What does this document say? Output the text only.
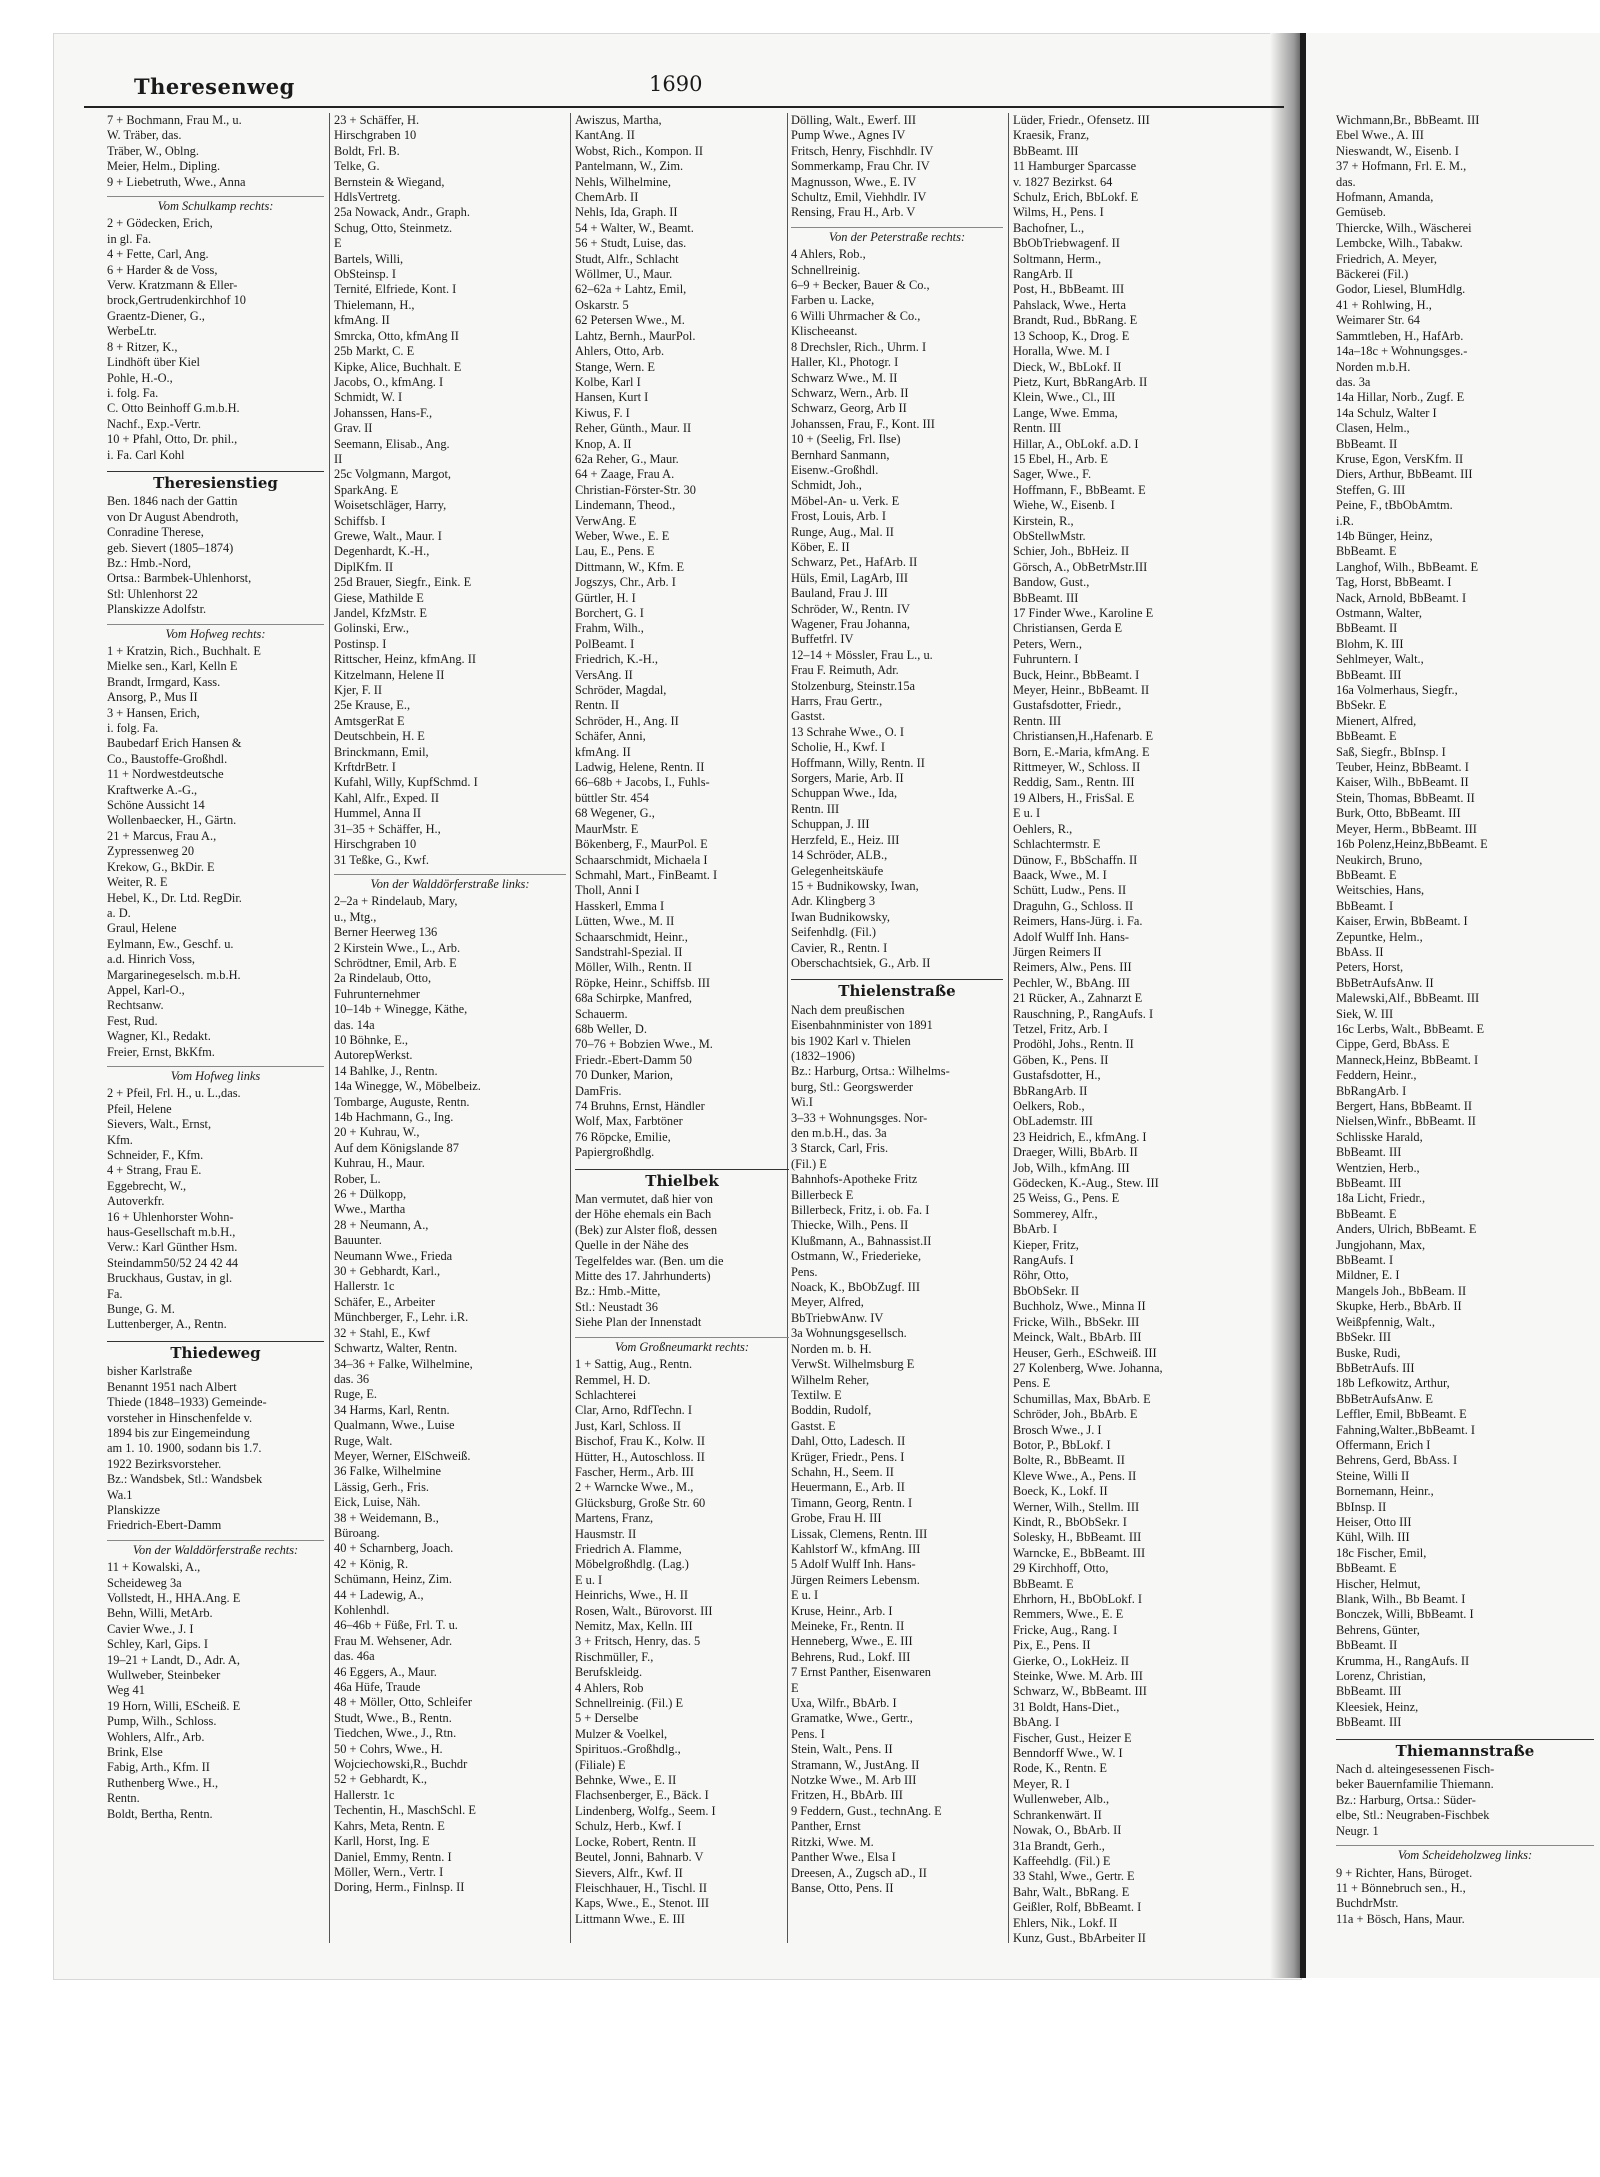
Theresenweg	1690
7 + Bochmann, Frau M., u.
W. Träber, das.
Träber, W., Oblng.
Meier, Helm., Dipling.
9 + Liebetruth, Wwe., Anna
Vom Schulkamp rechts:
2 + Gödecken, Erich,
in gl. Fa.
4 + Fette, Carl, Ang.
6 + Harder & de Voss,
Verw. Kratzmann & Eller-
brock,Gertrudenkirchhof 10
Graentz-Diener, G.,
WerbeLtr.
8 + Ritzer, K.,
Lindhöft über Kiel
Pohle, H.-O.,
i. folg. Fa.
C. Otto Beinhoff G.m.b.H.
Nachf., Exp.-Vertr.
10 + Pfahl, Otto, Dr. phil.,
i. Fa. Carl Kohl
Theresienstieg
Ben. 1846 nach der Gattin
von Dr August Abendroth,
Conradine Therese,
geb. Sievert (1805–1874)
Bz.: Hmb.-Nord,
Ortsa.: Barmbek-Uhlenhorst,
Stl: Uhlenhorst 22
Planskizze Adolfstr.
Vom Hofweg rechts:
1 + Kratzin, Rich., Buchhalt. E
Mielke sen., Karl, Kelln E
Brandt, Irmgard, Kass.
Ansorg, P., Mus II
3 + Hansen, Erich,
i. folg. Fa.
Baubedarf Erich Hansen &
Co., Baustoffe-Großhdl.
11 + Nordwestdeutsche
Kraftwerke A.-G.,
Schöne Aussicht 14
Wollenbaecker, H., Gärtn.
21 + Marcus, Frau A.,
Zypressenweg 20
Krekow, G., BkDir. E
Weiter, R. E
Hebel, K., Dr. Ltd. RegDir.
a. D.
Graul, Helene
Eylmann, Ew., Geschf. u.
a.d. Hinrich Voss,
Margarinegeselsch. m.b.H.
Appel, Karl-O.,
Rechtsanw.
Fest, Rud.
Wagner, Kl., Redakt.
Freier, Ernst, BkKfm.
Vom Hofweg links
2 + Pfeil, Frl. H., u. L.,das.
Pfeil, Helene
Sievers, Walt., Ernst,
Kfm.
Schneider, F., Kfm.
4 + Strang, Frau E.
Eggebrecht, W.,
Autoverkfr.
16 + Uhlenhorster Wohn-
haus-Gesellschaft m.b.H.,
Verw.: Karl Günther Hsm.
Steindamm50/52 24 42 44
Bruckhaus, Gustav, in gl.
Fa.
Bunge, G. M.
Luttenberger, A., Rentn.
Thiedeweg
bisher Karlstraße
Benannt 1951 nach Albert
Thiede (1848–1933) Gemeinde-
vorsteher in Hinschenfelde v.
1894 bis zur Eingemeindung
am 1. 10. 1900, sodann bis 1.7.
1922 Bezirksvorsteher.
Bz.: Wandsbek, Stl.: Wandsbek
Wa.1
Planskizze
Friedrich-Ebert-Damm
Von der Walddörferstraße rechts:
11 + Kowalski, A.,
Scheideweg 3a
Vollstedt, H., HHA.Ang. E
Behn, Willi, MetArb.
Cavier Wwe., J. I
Schley, Karl, Gips. I
19–21 + Landt, D., Adr. A,
Wullweber, Steinbeker
Weg 41
19 Horn, Willi, EScheiß. E
Pump, Wilh., Schloss.
Wohlers, Alfr., Arb.
Brink, Else
Fabig, Arth., Kfm. II
Ruthenberg Wwe., H.,
Rentn.
Boldt, Bertha, Rentn.
23 + Schäffer, H.
Hirschgraben 10
Boldt, Frl. B.
Telke, G.
Bernstein & Wiegand,
HdlsVertretg.
25a Nowack, Andr., Graph.
Schug, Otto, Steinmetz.
E
Bartels, Willi,
ObSteinsp. I
Ternité, Elfriede, Kont. I
Thielemann, H.,
kfmAng. II
Smrcka, Otto, kfmAng II
25b Markt, C. E
Kipke, Alice, Buchhalt. E
Jacobs, O., kfmAng. I
Schmidt, W. I
Johanssen, Hans-F.,
Grav. II
Seemann, Elisab., Ang.
II
25c Volgmann, Margot,
SparkAng. E
Woisetschläger, Harry,
Schiffsb. I
Grewe, Walt., Maur. I
Degenhardt, K.-H.,
DiplKfm. II
25d Brauer, Siegfr., Eink. E
Giese, Mathilde E
Jandel, KfzMstr. E
Golinski, Erw.,
Postinsp. I
Rittscher, Heinz, kfmAng. II
Kitzelmann, Helene II
Kjer, F. II
25e Krause, E.,
AmtsgerRat E
Deutschbein, H. E
Brinckmann, Emil,
KrftdrBetr. I
Kufahl, Willy, KupfSchmd. I
Kahl, Alfr., Exped. II
Hummel, Anna II
31–35 + Schäffer, H.,
Hirschgraben 10
31 Teßke, G., Kwf.
Von der Walddörferstraße links:
2–2a + Rindelaub, Mary,
u., Mtg.,
Berner Heerweg 136
2 Kirstein Wwe., L., Arb.
Schrödtner, Emil, Arb. E
2a Rindelaub, Otto,
Fuhrunternehmer
10–14b + Winegge, Käthe,
das. 14a
10 Böhnke, E.,
AutorepWerkst.
14 Bahlke, J., Rentn.
14a Winegge, W., Möbelbeiz.
Tombarge, Auguste, Rentn.
14b Hachmann, G., Ing.
20 + Kuhrau, W.,
Auf dem Königslande 87
Kuhrau, H., Maur.
Rober, L.
26 + Dülkopp,
Wwe., Martha
28 + Neumann, A.,
Bauunter.
Neumann Wwe., Frieda
30 + Gebhardt, Karl.,
Hallerstr. 1c
Schäfer, E., Arbeiter
Münchberger, F., Lehr. i.R.
32 + Stahl, E., Kwf
Schwartz, Walter, Rentn.
34–36 + Falke, Wilhelmine,
das. 36
Ruge, E.
34 Harms, Karl, Rentn.
Qualmann, Wwe., Luise
Ruge, Walt.
Meyer, Werner, ElSchweiß.
36 Falke, Wilhelmine
Lässig, Gerh., Fris.
Eick, Luise, Näh.
38 + Weidemann, B.,
Büroang.
40 + Scharnberg, Joach.
42 + König, R.
Schümann, Heinz, Zim.
44 + Ladewig, A.,
Kohlenhdl.
46–46b + Füße, Frl. T. u.
Frau M. Wehsener, Adr.
das. 46a
46 Eggers, A., Maur.
46a Hüfe, Traude
48 + Möller, Otto, Schleifer
Studt, Wwe., B., Rentn.
Tiedchen, Wwe., J., Rtn.
50 + Cohrs, Wwe., H.
Wojciechowski,R., Buchdr
52 + Gebhardt, K.,
Hallerstr. 1c
Techentin, H., MaschSchl. E
Kahrs, Meta, Rentn. E
Karll, Horst, Ing. E
Daniel, Emmy, Rentn. I
Möller, Wern., Vertr. I
Doring, Herm., Finlnsp. II
Awiszus, Martha,
KantAng. II
Wobst, Rich., Kompon. II
Pantelmann, W., Zim.
Nehls, Wilhelmine,
ChemArb. II
Nehls, Ida, Graph. II
54 + Walter, W., Beamt.
56 + Studt, Luise, das.
Studt, Alfr., Schlacht
Wöllmer, U., Maur.
62–62a + Lahtz, Emil,
Oskarstr. 5
62 Petersen Wwe., M.
Lahtz, Bernh., MaurPol.
Ahlers, Otto, Arb.
Stange, Wern. E
Kolbe, Karl I
Hansen, Kurt I
Kiwus, F. I
Reher, Günth., Maur. II
Knop, A. II
62a Reher, G., Maur.
64 + Zaage, Frau A.
Christian-Förster-Str. 30
Lindemann, Theod.,
VerwAng. E
Weber, Wwe., E. E
Lau, E., Pens. E
Dittmann, W., Kfm. E
Jogszys, Chr., Arb. I
Gürtler, H. I
Borchert, G. I
Frahm, Wilh.,
PolBeamt. I
Friedrich, K.-H.,
VersAng. II
Schröder, Magdal,
Rentn. II
Schröder, H., Ang. II
Schäfer, Anni,
kfmAng. II
Ladwig, Helene, Rentn. II
66–68b + Jacobs, I., Fuhls-
büttler Str. 454
68 Wegener, G.,
MaurMstr. E
Bökenberg, F., MaurPol. E
Schaarschmidt, Michaela I
Schmahl, Mart., FinBeamt. I
Tholl, Anni I
Hasskerl, Emma I
Lütten, Wwe., M. II
Schaarschmidt, Heinr.,
Sandstrahl-Spezial. II
Möller, Wilh., Rentn. II
Röpke, Heinr., Schiffsb. III
68a Schirpke, Manfred,
Schauerm.
68b Weller, D.
70–76 + Bobzien Wwe., M.
Friedr.-Ebert-Damm 50
70 Dunker, Marion,
DamFris.
74 Bruhns, Ernst, Händler
Wolf, Max, Farbtöner
76 Röpcke, Emilie,
Papiergroßhdlg.
Thielbek
Man vermutet, daß hier von
der Höhe ehemals ein Bach
(Bek) zur Alster floß, dessen
Quelle in der Nähe des
Tegelfeldes war. (Ben. um die
Mitte des 17. Jahrhunderts)
Bz.: Hmb.-Mitte,
Stl.: Neustadt 36
Siehe Plan der Innenstadt
Vom Großneumarkt rechts:
1 + Sattig, Aug., Rentn.
Remmel, H. D.
Schlachterei
Clar, Arno, RdfTechn. I
Just, Karl, Schloss. II
Bischof, Frau K., Kolw. II
Hütter, H., Autoschloss. II
Fascher, Herm., Arb. III
2 + Warncke Wwe., M.,
Glücksburg, Große Str. 60
Martens, Franz,
Hausmstr. II
Friedrich A. Flamme,
Möbelgroßhdlg. (Lag.)
E u. I
Heinrichs, Wwe., H. II
Rosen, Walt., Bürovorst. III
Nemitz, Max, Kelln. III
3 + Fritsch, Henry, das. 5
Rischmüller, F.,
Berufskleidg.
4 Ahlers, Rob
Schnellreinig. (Fil.) E
5 + Derselbe
Mulzer & Voelkel,
Spirituos.-Großhdlg.,
(Filiale) E
Behnke, Wwe., E. II
Flachsenberger, E., Bäck. I
Lindenberg, Wolfg., Seem. I
Schulz, Herb., Kwf. I
Locke, Robert, Rentn. II
Beutel, Jonni, Bahnarb. V
Sievers, Alfr., Kwf. II
Fleischhauer, H., Tischl. II
Kaps, Wwe., E., Stenot. III
Littmann Wwe., E. III
Dölling, Walt., Ewerf. III
Pump Wwe., Agnes IV
Fritsch, Henry, Fischhdlr. IV
Sommerkamp, Frau Chr. IV
Magnusson, Wwe., E. IV
Schultz, Emil, Viehhdlr. IV
Rensing, Frau H., Arb. V
Von der Peterstraße rechts:
4 Ahlers, Rob.,
Schnellreinig.
6–9 + Becker, Bauer & Co.,
Farben u. Lacke,
6 Willi Uhrmacher & Co.,
Klischeeanst.
8 Drechsler, Rich., Uhrm. I
Haller, Kl., Photogr. I
Schwarz Wwe., M. II
Schwarz, Wern., Arb. II
Schwarz, Georg, Arb II
Johanssen, Frau, F., Kont. III
10 + (Seelig, Frl. Ilse)
Bernhard Sanmann,
Eisenw.-Großhdl.
Schmidt, Joh.,
Möbel-An- u. Verk. E
Frost, Louis, Arb. I
Runge, Aug., Mal. II
Köber, E. II
Schwarz, Pet., HafArb. II
Hüls, Emil, LagArb, III
Bauland, Frau J. III
Schröder, W., Rentn. IV
Wagener, Frau Johanna,
Buffetfrl. IV
12–14 + Mössler, Frau L., u.
Frau F. Reimuth, Adr.
Stolzenburg, Steinstr.15a
Harrs, Frau Gertr.,
Gastst.
13 Schrahe Wwe., O. I
Scholie, H., Kwf. I
Hoffmann, Willy, Rentn. II
Sorgers, Marie, Arb. II
Schuppan Wwe., Ida,
Rentn. III
Schuppan, J. III
Herzfeld, E., Heiz. III
14 Schröder, ALB.,
Gelegenheitskäufe
15 + Budnikowsky, Iwan,
Adr. Klingberg 3
Iwan Budnikowsky,
Seifenhdlg. (Fil.)
Cavier, R., Rentn. I
Oberschachtsiek, G., Arb. II
Thielenstraße
Nach dem preußischen
Eisenbahnminister von 1891
bis 1902 Karl v. Thielen
(1832–1906)
Bz.: Harburg, Ortsa.: Wilhelms-
burg, Stl.: Georgswerder
Wi.I
3–33 + Wohnungsges. Nor-
den m.b.H., das. 3a
3 Starck, Carl, Fris.
(Fil.) E
Bahnhofs-Apotheke Fritz
Billerbeck E
Billerbeck, Fritz, i. ob. Fa. I
Thiecke, Wilh., Pens. II
Klußmann, A., Bahnassist.II
Ostmann, W., Friederieke,
Pens.
Noack, K., BbObZugf. III
Meyer, Alfred,
BbTriebwAnw. IV
3a Wohnungsgesellsch.
Norden m. b. H.
VerwSt. Wilhelmsburg E
Wilhelm Reher,
Textilw. E
Boddin, Rudolf,
Gastst. E
Dahl, Otto, Ladesch. II
Krüger, Friedr., Pens. I
Schahn, H., Seem. II
Heuermann, E., Arb. II
Timann, Georg, Rentn. I
Grobe, Frau H. III
Lissak, Clemens, Rentn. III
Kahlstorf W., kfmAng. III
5 Adolf Wulff Inh. Hans-
Jürgen Reimers Lebensm.
E u. I
Kruse, Heinr., Arb. I
Meineke, Fr., Rentn. II
Henneberg, Wwe., E. III
Behrens, Rud., Lokf. III
7 Ernst Panther, Eisenwaren
E
Uxa, Wilfr., BbArb. I
Gramatke, Wwe., Gertr.,
Pens. I
Stein, Walt., Pens. II
Stramann, W., JustAng. II
Notzke Wwe., M. Arb III
Fritzen, H., BbArb. III
9 Feddern, Gust., technAng. E
Panther, Ernst
Ritzki, Wwe. M.
Panther Wwe., Elsa I
Dreesen, A., Zugsch aD., II
Banse, Otto, Pens. II
Lüder, Friedr., Ofensetz. III
Kraesik, Franz,
BbBeamt. III
11 Hamburger Sparcasse
v. 1827 Bezirkst. 64
Schulz, Erich, BbLokf. E
Wilms, H., Pens. I
Bachofner, L.,
BbObTriebwagenf. II
Soltmann, Herm.,
RangArb. II
Post, H., BbBeamt. III
Pahslack, Wwe., Herta
Brandt, Rud., BbRang. E
13 Schoop, K., Drog. E
Horalla, Wwe. M. I
Dieck, W., BbLokf. II
Pietz, Kurt, BbRangArb. II
Klein, Wwe., Cl., III
Lange, Wwe. Emma,
Rentn. III
Hillar, A., ObLokf. a.D. I
15 Ebel, H., Arb. E
Sager, Wwe., F.
Hoffmann, F., BbBeamt. E
Wiehe, W., Eisenb. I
Kirstein, R.,
ObStellwMstr.
Schier, Joh., BbHeiz. II
Görsch, A., ObBetrMstr.III
Bandow, Gust.,
BbBeamt. III
17 Finder Wwe., Karoline E
Christiansen, Gerda E
Peters, Wern.,
Fuhruntern. I
Buck, Heinr., BbBeamt. I
Meyer, Heinr., BbBeamt. II
Gustafsdotter, Friedr.,
Rentn. III
Christiansen,H.,Hafenarb. E
Born, E.-Maria, kfmAng. E
Rittmeyer, W., Schloss. II
Reddig, Sam., Rentn. III
19 Albers, H., FrisSal. E
E u. I
Oehlers, R.,
Schlachtermstr. E
Dünow, F., BbSchaffn. II
Baack, Wwe., M. I
Schütt, Ludw., Pens. II
Draguhn, G., Schloss. II
Reimers, Hans-Jürg. i. Fa.
Adolf Wulff Inh. Hans-
Jürgen Reimers II
Reimers, Alw., Pens. III
Pechler, W., BbAng. III
21 Rücker, A., Zahnarzt E
Rauschning, P., RangAufs. I
Tetzel, Fritz, Arb. I
Prodöhl, Johs., Rentn. II
Göben, K., Pens. II
Gustafsdotter, H.,
BbRangArb. II
Oelkers, Rob.,
ObLademstr. III
23 Heidrich, E., kfmAng. I
Draeger, Willi, BbArb. II
Job, Wilh., kfmAng. III
Gödecken, K.-Aug., Stew. III
25 Weiss, G., Pens. E
Sommerey, Alfr.,
BbArb. I
Kieper, Fritz,
RangAufs. I
Röhr, Otto,
BbObSekr. II
Buchholz, Wwe., Minna II
Fricke, Wilh., BbSekr. III
Meinck, Walt., BbArb. III
Heuser, Gerh., ESchweiß. III
27 Kolenberg, Wwe. Johanna,
Pens. E
Schumillas, Max, BbArb. E
Schröder, Joh., BbArb. E
Brosch Wwe., J. I
Botor, P., BbLokf. I
Bolte, R., BbBeamt. II
Kleve Wwe., A., Pens. II
Boeck, K., Lokf. II
Werner, Wilh., Stellm. III
Kindt, R., BbObSekr. I
Solesky, H., BbBeamt. III
Warncke, E., BbBeamt. III
29 Kirchhoff, Otto,
BbBeamt. E
Ehrhorn, H., BbObLokf. I
Remmers, Wwe., E. E
Fricke, Aug., Rang. I
Pix, E., Pens. II
Gierke, O., LokHeiz. II
Steinke, Wwe. M. Arb. III
Schwarz, W., BbBeamt. III
31 Boldt, Hans-Diet.,
BbAng. I
Fischer, Gust., Heizer E
Benndorff Wwe., W. I
Rode, K., Rentn. E
Meyer, R. I
Wullenweber, Alb.,
Schrankenwärt. II
Nowak, O., BbArb. II
31a Brandt, Gerh.,
Kaffeehdlg. (Fil.) E
33 Stahl, Wwe., Gertr. E
Bahr, Walt., BbRang. E
Geißler, Rolf, BbBeamt. I
Ehlers, Nik., Lokf. II
Kunz, Gust., BbArbeiter II
Wichmann,Br., BbBeamt. III
Ebel Wwe., A. III
Nieswandt, W., Eisenb. I
37 + Hofmann, Frl. E. M.,
das.
Hofmann, Amanda,
Gemüseb.
Thiercke, Wilh., Wäscherei
Lembcke, Wilh., Tabakw.
Friedrich, A. Meyer,
Bäckerei (Fil.)
Godor, Liesel, BlumHdlg.
41 + Rohlwing, H.,
Weimarer Str. 64
Sammtleben, H., HafArb.
14a–18c + Wohnungsges.-
Norden m.b.H.
das. 3a
14a Hillar, Norb., Zugf. E
14a Schulz, Walter I
Clasen, Helm.,
BbBeamt. II
Kruse, Egon, VersKfm. II
Diers, Arthur, BbBeamt. III
Steffen, G. III
Peine, F., tBbObAmtm.
i.R.
14b Bünger, Heinz,
BbBeamt. E
Langhof, Wilh., BbBeamt. E
Tag, Horst, BbBeamt. I
Nack, Arnold, BbBeamt. I
Ostmann, Walter,
BbBeamt. II
Blohm, K. III
Sehlmeyer, Walt.,
BbBeamt. III
16a Volmerhaus, Siegfr.,
BbSekr. E
Mienert, Alfred,
BbBeamt. E
Saß, Siegfr., BbInsp. I
Teuber, Heinz, BbBeamt. I
Kaiser, Wilh., BbBeamt. II
Stein, Thomas, BbBeamt. II
Burk, Otto, BbBeamt. III
Meyer, Herm., BbBeamt. III
16b Polenz,Heinz,BbBeamt. E
Neukirch, Bruno,
BbBeamt. E
Weitschies, Hans,
BbBeamt. I
Kaiser, Erwin, BbBeamt. I
Zepuntke, Helm.,
BbAss. II
Peters, Horst,
BbBetrAufsAnw. II
Malewski,Alf., BbBeamt. III
Siek, W. III
16c Lerbs, Walt., BbBeamt. E
Cippe, Gerd, BbAss. E
Manneck,Heinz, BbBeamt. I
Feddern, Heinr.,
BbRangArb. I
Bergert, Hans, BbBeamt. II
Nielsen,Winfr., BbBeamt. II
Schlisske Harald,
BbBeamt. III
Wentzien, Herb.,
BbBeamt. III
18a Licht, Friedr.,
BbBeamt. E
Anders, Ulrich, BbBeamt. E
Jungjohann, Max,
BbBeamt. I
Mildner, E. I
Mangels Joh., BbBeam. II
Skupke, Herb., BbArb. II
Weißpfennig, Walt.,
BbSekr. III
Buske, Rudi,
BbBetrAufs. III
18b Lefkowitz, Arthur,
BbBetrAufsAnw. E
Leffler, Emil, BbBeamt. E
Fahning,Walter.,BbBeamt. I
Offermann, Erich I
Behrens, Gerd, BbAss. I
Steine, Willi II
Bornemann, Heinr.,
BbInsp. II
Heiser, Otto III
Kühl, Wilh. III
18c Fischer, Emil,
BbBeamt. E
Hischer, Helmut,
Blank, Wilh., Bb Beamt. I
Bonczek, Willi, BbBeamt. I
Behrens, Günter,
BbBeamt. II
Krumma, H., RangAufs. II
Lorenz, Christian,
BbBeamt. III
Kleesiek, Heinz,
BbBeamt. III
Thiemannstraße
Nach d. alteingesessenen Fisch-
beker Bauernfamilie Thiemann.
Bz.: Harburg, Ortsa.: Süder-
elbe, Stl.: Neugraben-Fischbek
Neugr. 1
Vom Scheideholzweg links:
9 + Richter, Hans, Büroget.
11 + Bönnebruch sen., H.,
BuchdrMstr.
11a + Bösch, Hans, Maur.
